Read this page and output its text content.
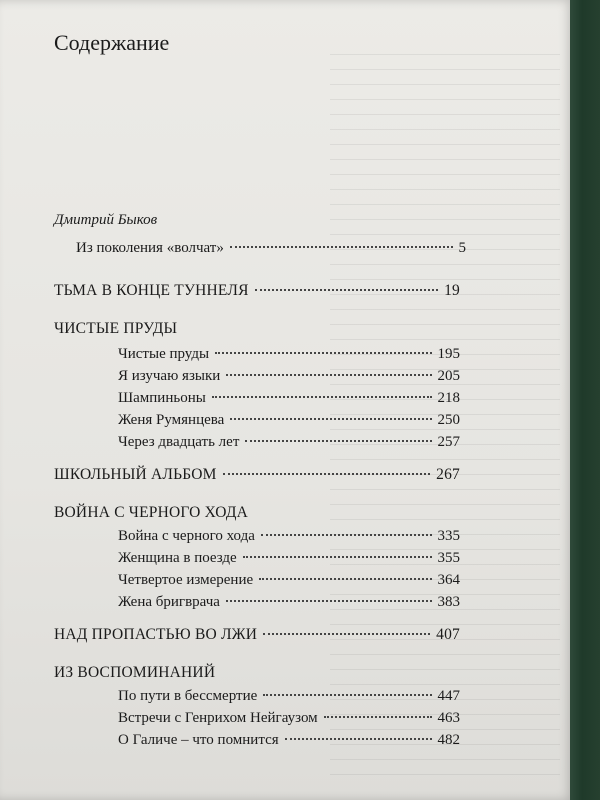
Содержание
Дмитрий Быков
Из поколения «волчат»	5
ТЬМА В КОНЦЕ ТУННЕЛЯ	19
ЧИСТЫЕ ПРУДЫ
Чистые пруды	195
Я изучаю языки	205
Шампиньоны	218
Женя Румянцева	250
Через двадцать лет	257
ШКОЛЬНЫЙ АЛЬБОМ	267
ВОЙНА С ЧЕРНОГО ХОДА
Война с черного хода	335
Женщина в поезде	355
Четвертое измерение	364
Жена бригврача	383
НАД ПРОПАСТЬЮ ВО ЛЖИ	407
ИЗ ВОСПОМИНАНИЙ
По пути в бессмертие	447
Встречи с Генрихом Нейгаузом	463
О Галиче – что помнится	482
